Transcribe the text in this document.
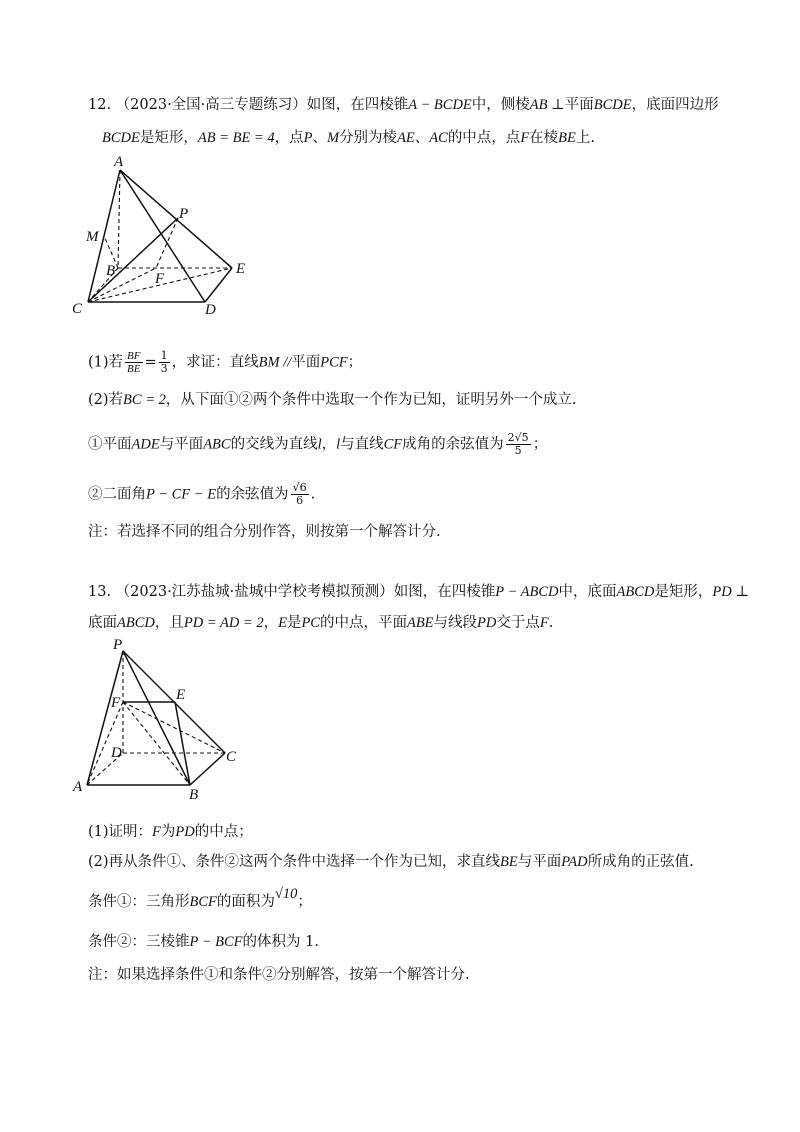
12. （2023·全国·高三专题练习）如图，在四棱锥A − BCDE中，侧棱AB ⊥平面BCDE，底面四边形
BCDE是矩形，AB = BE = 4，点P、M分别为棱AE、AC的中点，点F在棱BE上.
A
M
P
B	E
F
C	D
(1)若 $\frac{BF}{BE} = \frac{1}{3}$ ，求证：直线BM //平面PCF；
(2)若BC = 2，从下面①②两个条件中选取一个作为已知，证明另外一个成立.
①平面ADE与平面ABC的交线为直线l，l与直线CF成角的余弦值为 $\frac{2√5}{5}$ ；
②二面角P − CF − E的余弦值为 $\frac{√6}{6}$ .
注：若选择不同的组合分别作答，则按第一个解答计分.
13. （2023·江苏盐城·盐城中学校考模拟预测）如图，在四棱锥P − ABCD中，底面ABCD是矩形，PD ⊥
底面ABCD，且PD = AD = 2，E是PC的中点，平面ABE与线段PD交于点F.
P
E
F
D	C
A	B
(1)证明：F为PD的中点；
(2)再从条件①、条件②这两个条件中选择一个作为已知，求直线BE与平面PAD所成角的正弦值.
条件①：三角形BCF的面积为√10；
条件②：三棱锥P − BCF的体积为 1.
注：如果选择条件①和条件②分别解答，按第一个解答计分.
